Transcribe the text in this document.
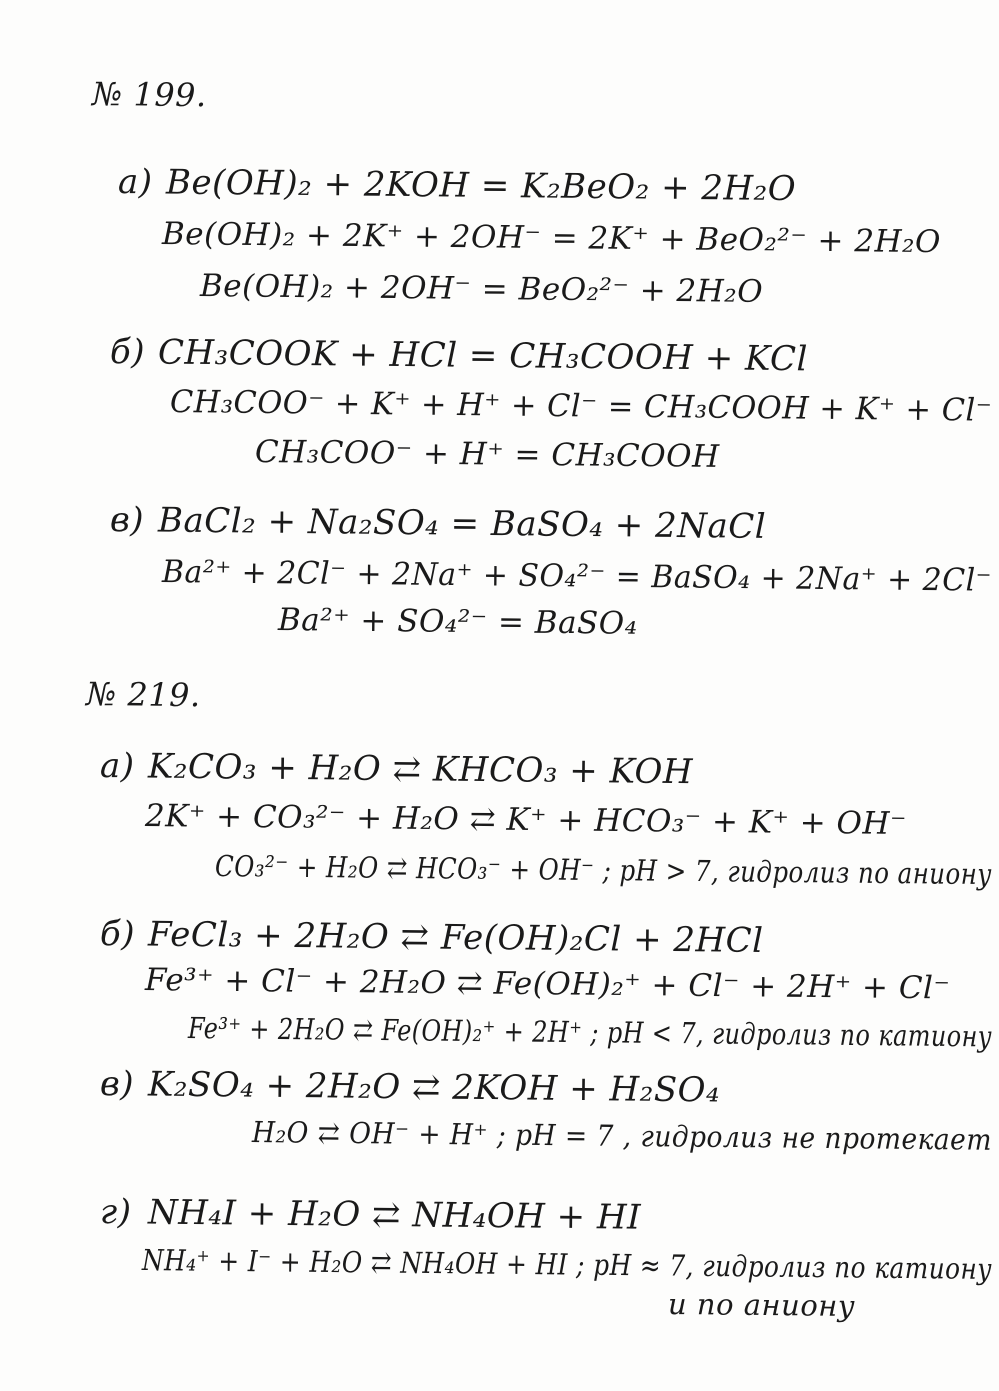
№ 199.
а) Be(OH)₂ + 2KOH = K₂BeO₂ + 2H₂O
Be(OH)₂ + 2K⁺ + 2OH⁻ = 2K⁺ + BeO₂²⁻ + 2H₂O
Be(OH)₂ + 2OH⁻ = BeO₂²⁻ + 2H₂O
б) CH₃COOK + HCl = CH₃COOH + KCl
CH₃COO⁻ + K⁺ + H⁺ + Cl⁻ = CH₃COOH + K⁺ + Cl⁻
CH₃COO⁻ + H⁺ = CH₃COOH
в) BaCl₂ + Na₂SO₄ = BaSO₄ + 2NaCl
Ba²⁺ + 2Cl⁻ + 2Na⁺ + SO₄²⁻ = BaSO₄ + 2Na⁺ + 2Cl⁻
Ba²⁺ + SO₄²⁻ = BaSO₄
№ 219.
а) K₂CO₃ + H₂O ⇄ KHCO₃ + KOH
2K⁺ + CO₃²⁻ + H₂O ⇄ K⁺ + HCO₃⁻ + K⁺ + OH⁻
CO₃²⁻ + H₂O ⇄ HCO₃⁻ + OH⁻ ; pH > 7, гидролиз по аниону
б) FeCl₃ + 2H₂O ⇄ Fe(OH)₂Cl + 2HCl
Fe³⁺ + Cl⁻ + 2H₂O ⇄ Fe(OH)₂⁺ + Cl⁻ + 2H⁺ + Cl⁻
Fe³⁺ + 2H₂O ⇄ Fe(OH)₂⁺ + 2H⁺ ; pH < 7, гидролиз по катиону
в) K₂SO₄ + 2H₂O ⇄ 2KOH + H₂SO₄
H₂O ⇄ OH⁻ + H⁺ ; pH = 7 , гидролиз не протекает
г) NH₄I + H₂O ⇄ NH₄OH + HI
NH₄⁺ + I⁻ + H₂O ⇄ NH₄OH + HI ; pH ≈ 7, гидролиз по катиону
и по аниону
